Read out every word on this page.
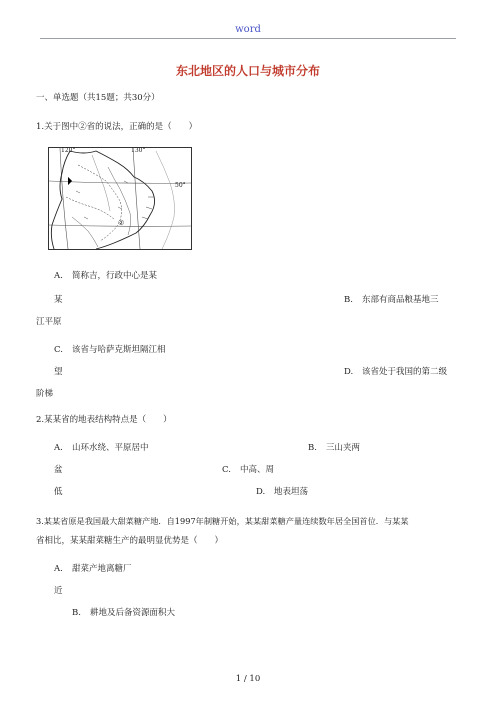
word
东北地区的人口与城市分布
一、单选题（共15题；共30分）
1.关于图中②省的说法，正确的是（　　）
120°	130°
50°
②
A. 简称吉，行政中心是某
某	B. 东部有商品粮基地三
江平原
C. 该省与哈萨克斯坦隔江相
望	D. 该省处于我国的第二级
阶梯
2.某某省的地表结构特点是（　　）
A. 山环水绕、平原居中	B. 三山夹两
盆	C. 中高、周
低	D. 地表坦荡
3.某某省原是我国最大甜菜糖产地．自1997年制糖开始，某某甜菜糖产量连续数年居全国首位．与某某
省相比，某某甜菜糖生产的最明显优势是（　　）
A. 甜菜产地离糖厂
近
B. 耕地及后备资源面积大
1 / 10
